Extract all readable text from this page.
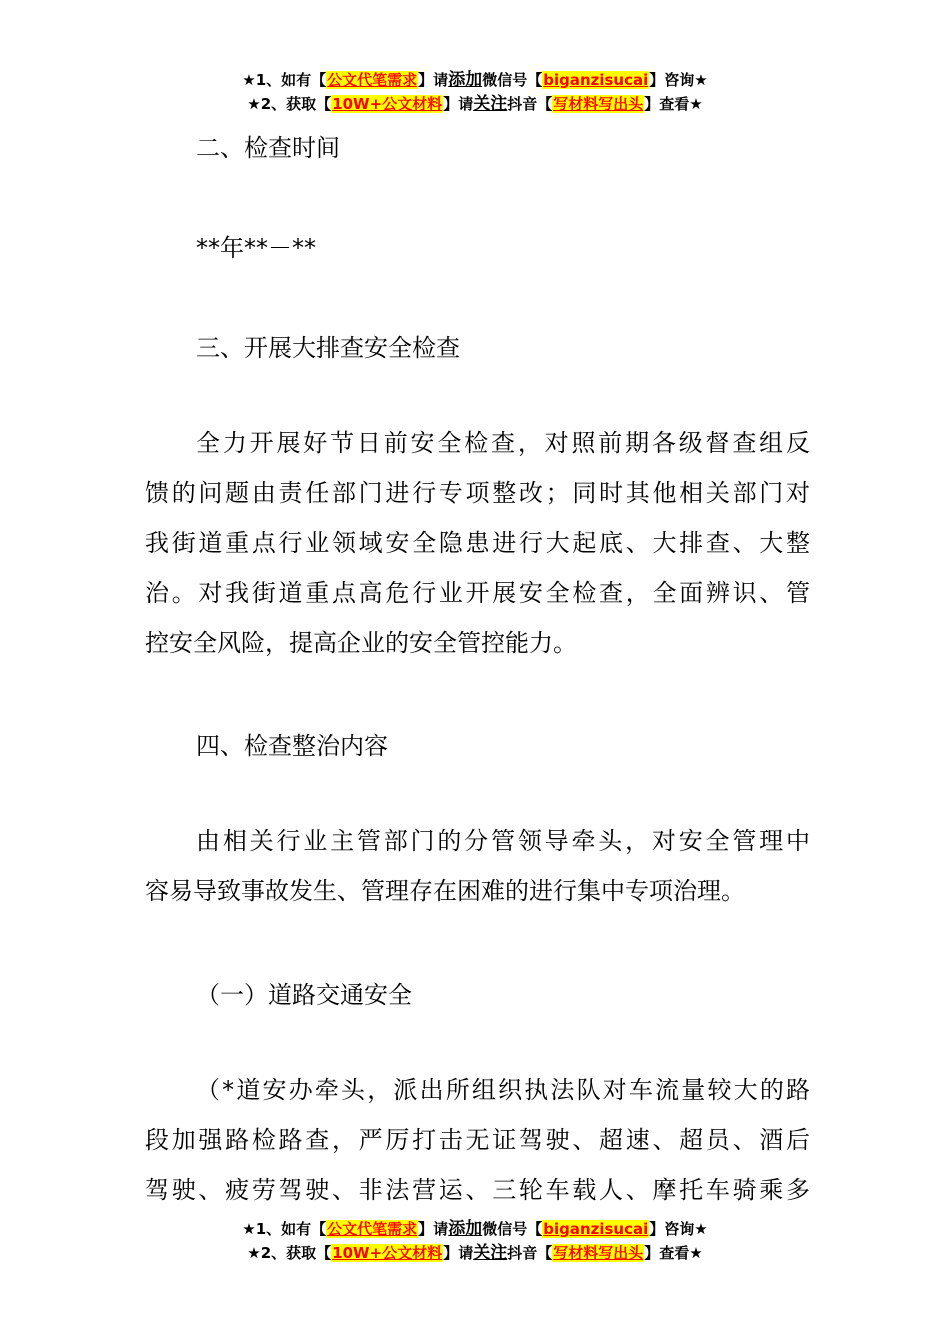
★1、如有【公文代笔需求】请添加微信号【biganzisucai】咨询★
★2、获取【10W+公文材料】请关注抖音【写材料写出头】查看★
二、检查时间
**年**－**
三、开展大排查安全检查
全力开展好节日前安全检查，对照前期各级督查组反
馈的问题由责任部门进行专项整改；同时其他相关部门对
我街道重点行业领域安全隐患进行大起底、大排查、大整
治。对我街道重点高危行业开展安全检查，全面辨识、管
控安全风险，提高企业的安全管控能力。
四、检查整治内容
由相关行业主管部门的分管领导牵头，对安全管理中
容易导致事故发生、管理存在困难的进行集中专项治理。
（一）道路交通安全
（*道安办牵头，派出所组织执法队对车流量较大的路
段加强路检路查，严厉打击无证驾驶、超速、超员、酒后
驾驶、疲劳驾驶、非法营运、三轮车载人、摩托车骑乘多
★1、如有【公文代笔需求】请添加微信号【biganzisucai】咨询★
★2、获取【10W+公文材料】请关注抖音【写材料写出头】查看★
